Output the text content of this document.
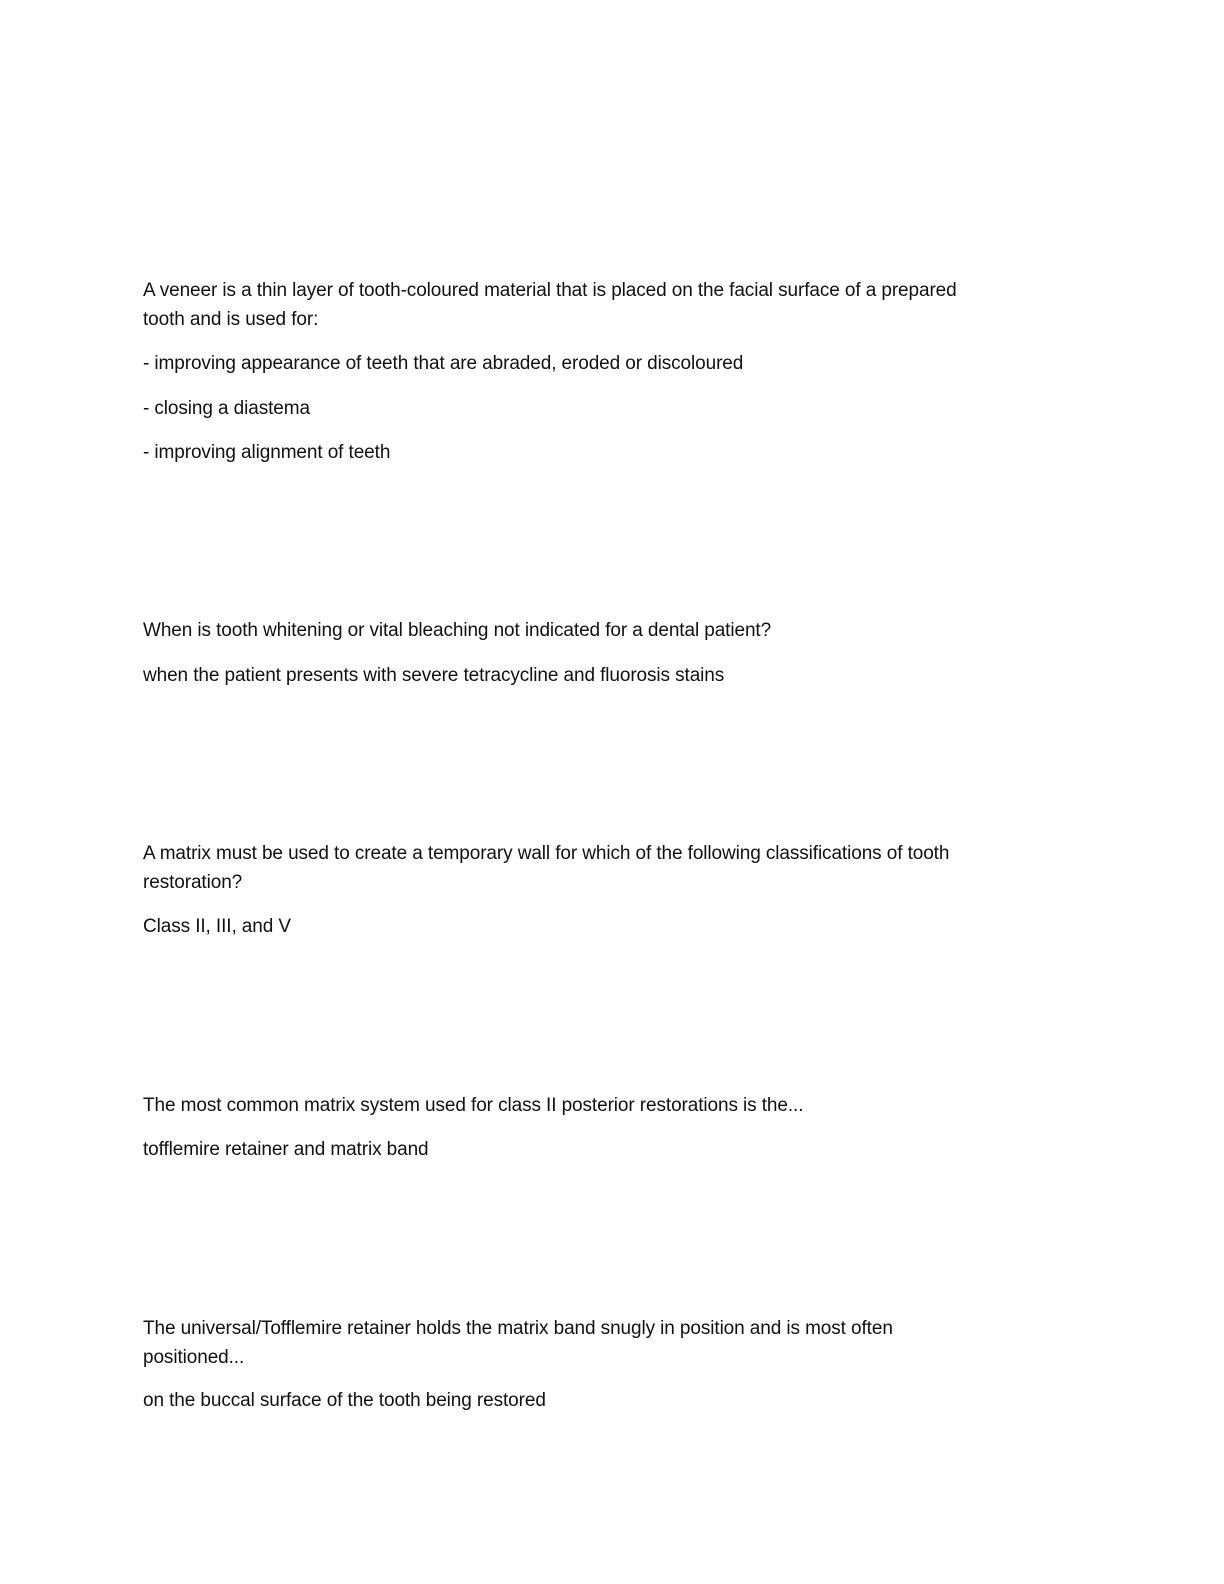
A veneer is a thin layer of tooth-coloured material that is placed on the facial surface of a prepared
tooth and is used for:
- improving appearance of teeth that are abraded, eroded or discoloured
- closing a diastema
- improving alignment of teeth
When is tooth whitening or vital bleaching not indicated for a dental patient?
when the patient presents with severe tetracycline and fluorosis stains
A matrix must be used to create a temporary wall for which of the following classifications of tooth
restoration?
Class II, III, and V
The most common matrix system used for class II posterior restorations is the...
tofflemire retainer and matrix band
The universal/Tofflemire retainer holds the matrix band snugly in position and is most often
positioned...
on the buccal surface of the tooth being restored
